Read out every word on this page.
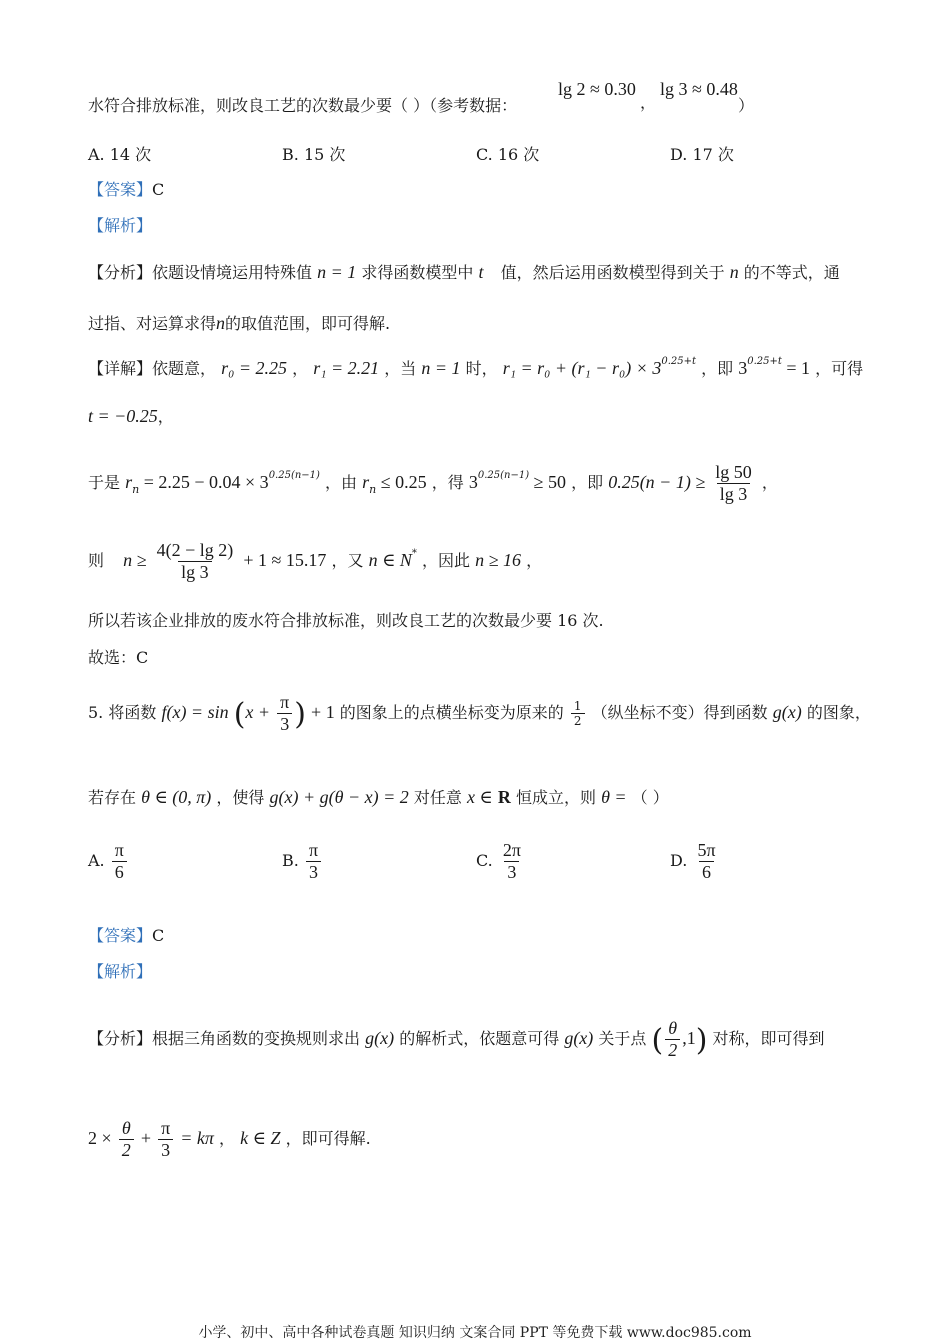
水符合排放标准，则改良工艺的次数最少要（ ）（参考数据：
lg 2 ≈ 0.30
，
lg 3 ≈ 0.48
）
A. 14 次	B. 15 次	C. 16 次	D. 17 次
【答案】C
【解析】
【分析】依题设情境运用特殊值 n = 1 求得函数模型中 t 值，然后运用函数模型得到关于 n 的不等式，通
过指、对运算求得n的取值范围，即可得解.
【详解】依题意， r₀ = 2.25 ， r₁ = 2.21 ，当 n = 1 时， $r_1 = r_0 + (r_1 - r_0) \times 3^{0.25+t}$ ，即 $3^{0.25+t} = 1$ ，可得
t = −0.25，
于是 $r_n = 2.25 - 0.04 \times 3^{0.25(n-1)}$ ，由 $r_n \le 0.25$ ，得 $3^{0.25(n-1)} \ge 50$ ，即 $0.25(n - 1) \ge \frac{\lg 50}{\lg 3}$ ，
则 $n \ge \frac{4(2 - \lg 2)}{\lg 3} + 1 \approx 15.17$ ，又 n ∈ N* ，因此 n ≥ 16 ，
所以若该企业排放的废水符合排放标准，则改良工艺的次数最少要 16 次.
故选：C
5. 将函数 $f(x) = \sin (x + \frac{\pi}{3}$ ) + 1 的图象上的点横坐标变为原来的 $\frac{1}{2}$ （纵坐标不变）得到函数 g(x) 的图象，
若存在 θ ∈ (0, π) ，使得 g(x) + g(θ − x) = 2 对任意 x ∈ R 恒成立，则 θ = （ ）
A. $\frac{\pi}{6}$	B. $\frac{\pi}{3}$	C. $\frac{2\pi}{3}$	D. $\frac{5\pi}{6}$
【答案】C
【解析】
【分析】根据三角函数的变换规则求出 g(x) 的解析式，依题意可得 g(x) 关于点 ( $\frac{\theta}{2} ,1$) 对称，即可得到
$2 \times \frac{\theta}{2} + \frac{\pi}{3} = k\pi$ ， k ∈ Z ，即可得解.
小学、初中、高中各种试卷真题 知识归纳 文案合同 PPT 等免费下载 www.doc985.com
